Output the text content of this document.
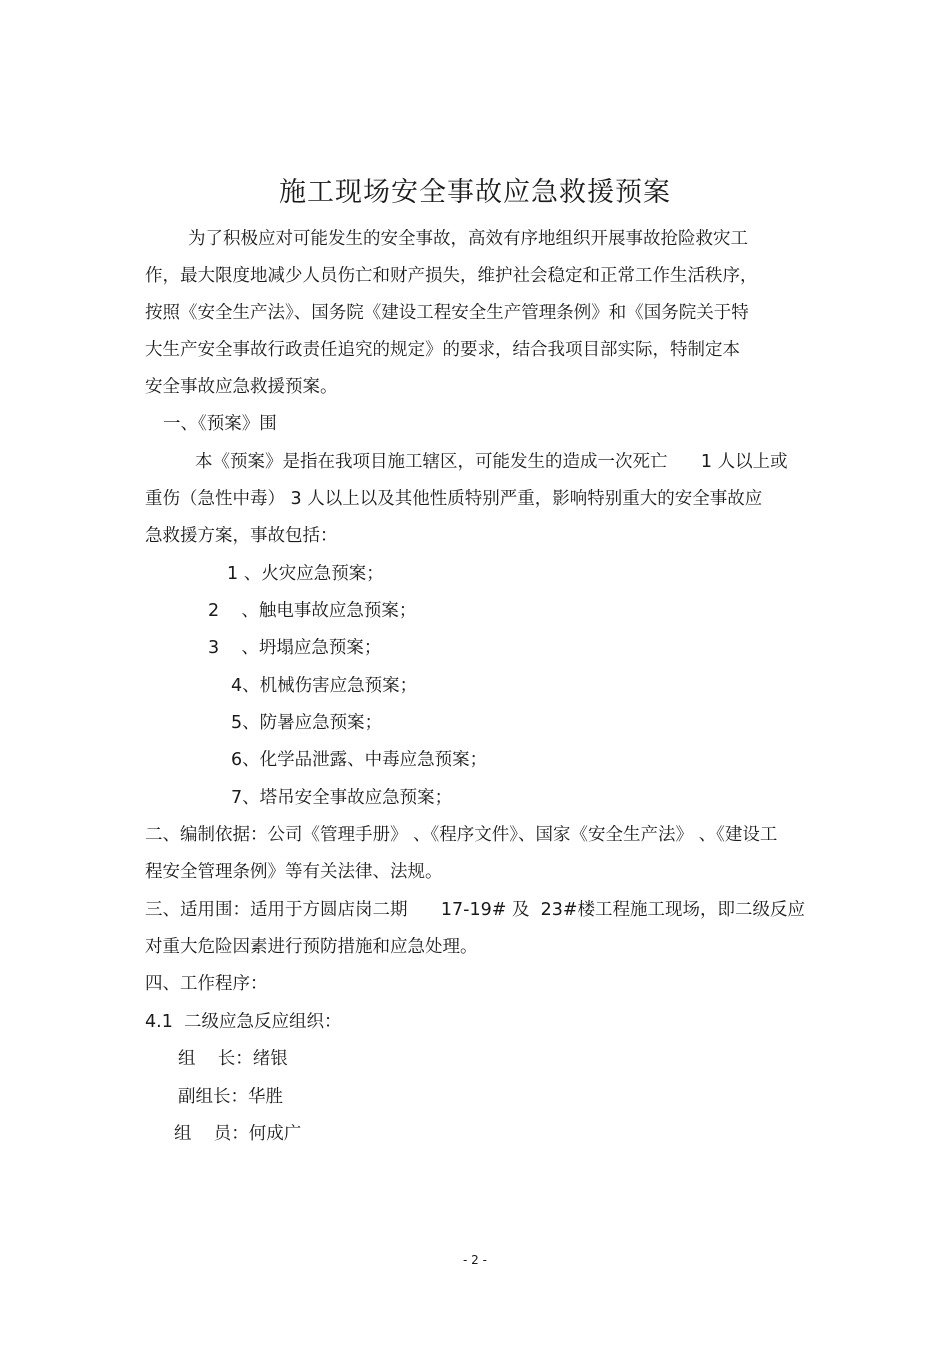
施工现场安全事故应急救援预案

为了积极应对可能发生的安全事故，高效有序地组织开展事故抢险救灾工

作，最大限度地减少人员伤亡和财产损失，维护社会稳定和正常工作生活秩序，

按照《安全生产法》、国务院《建设工程安全生产管理条例》和《国务院关于特

大生产安全事故行政责任追究的规定》的要求，结合我项目部实际，特制定本

安全事故应急救援预案。

一、《预案》围

本《预案》是指在我项目施工辖区，可能发生的造成一次死亡      1 人以上或

重伤（急性中毒） 3 人以上以及其他性质特别严重，影响特别重大的安全事故应

急救援方案，事故包括：

1 、火灾应急预案；

2    、触电事故应急预案；

3    、坍塌应急预案；

4、机械伤害应急预案；

5、防暑应急预案；

6、化学品泄露、中毒应急预案；

7、塔吊安全事故应急预案；

二、编制依据：公司《管理手册》 、《程序文件》、国家《安全生产法》 、《建设工

程安全管理条例》等有关法律、法规。

三、适用围：适用于方圆店岗二期      17-19# 及  23#楼工程施工现场，即二级反应

对重大危险因素进行预防措施和应急处理。

四、工作程序：

4.1  二级应急反应组织：

组    长：绪银

副组长：华胜

组    员：何成广

- 2 -
